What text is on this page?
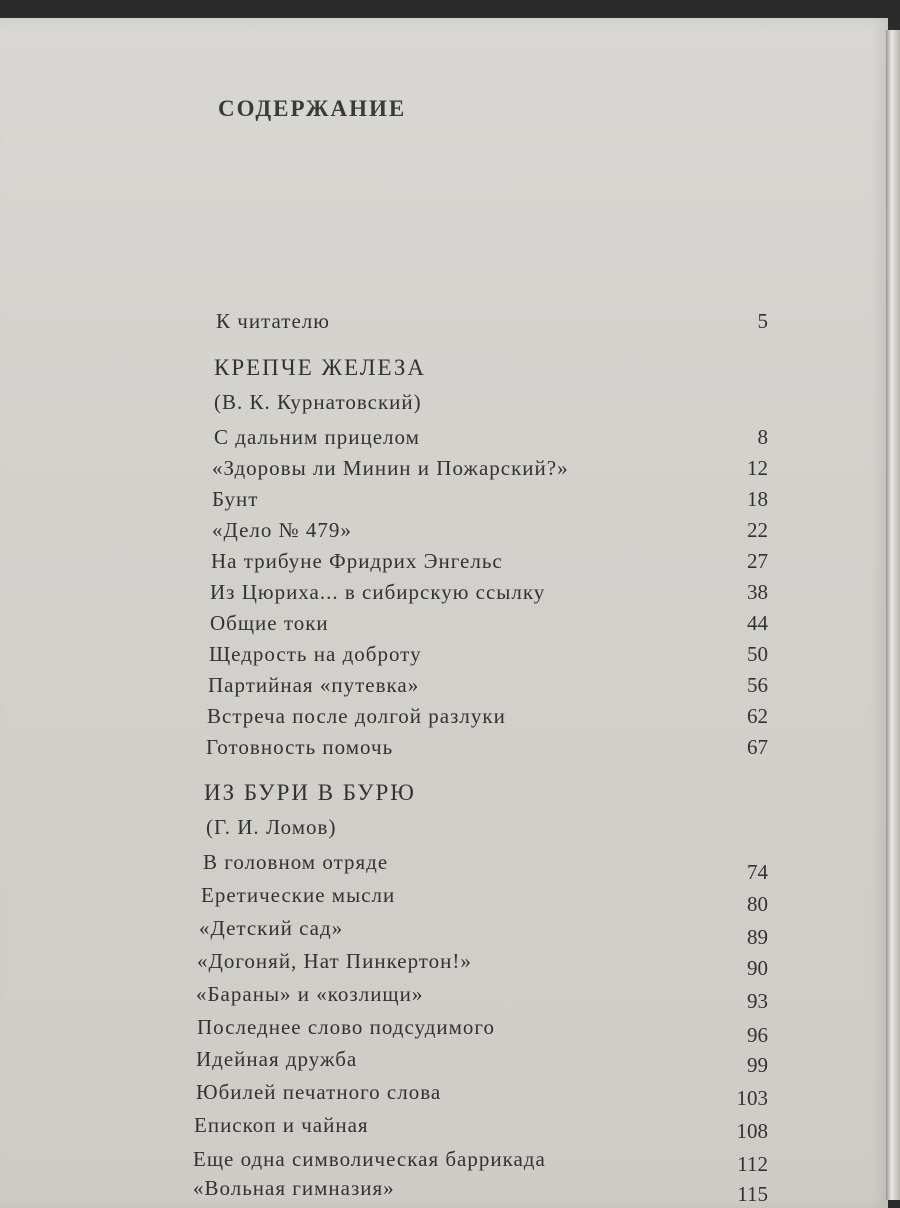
СОДЕРЖАНИЕ
К читателю	5
КРЕПЧЕ ЖЕЛЕЗА
(В. К. Курнатовский)
С дальним прицелом	8
«Здоровы ли Минин и Пожарский?»	12
Бунт	18
«Дело № 479»	22
На трибуне Фридрих Энгельс	27
Из Цюриха... в сибирскую ссылку	38
Общие токи	44
Щедрость на доброту	50
Партийная «путевка»	56
Встреча после долгой разлуки	62
Готовность помочь	67
ИЗ БУРИ В БУРЮ
(Г. И. Ломов)
В головном отряде	74
Еретические мысли	80
«Детский сад»	89
«Догоняй, Нат Пинкертон!»	90
«Бараны» и «козлищи»	93
Последнее слово подсудимого	96
Идейная дружба	99
Юбилей печатного слова	103
Епископ и чайная	108
Еще одна символическая баррикада	112
«Вольная гимназия»	115
